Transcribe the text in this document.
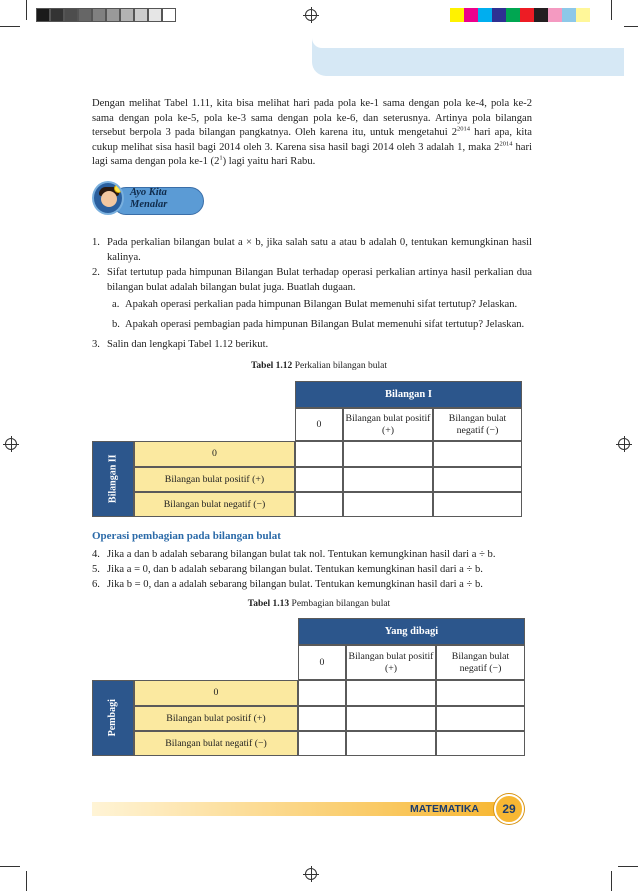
Dengan melihat Tabel 1.11, kita bisa melihat hari pada pola ke-1 sama dengan pola ke-4, pola ke-2 sama dengan pola ke-5, pola ke-3 sama dengan pola ke-6, dan seterusnya. Artinya pola bilangan tersebut berpola 3 pada bilangan pangkatnya. Oleh karena itu, untuk mengetahui $2^{2014}$ hari apa, kita cukup melihat sisa hasil bagi 2014 oleh 3. Karena sisa hasil bagi 2014 oleh 3 adalah 1, maka $2^{2014}$ hari lagi sama dengan pola ke-1 $(2^1)$ lagi yaitu hari Rabu.

Ayo Kita
Menalar
1. Pada perkalian bilangan bulat a × b, jika salah satu a atau b adalah 0, tentukan kemungkinan hasil kalinya.
2. Sifat tertutup pada himpunan Bilangan Bulat terhadap operasi perkalian artinya hasil perkalian dua bilangan bulat adalah bilangan bulat juga. Buatlah dugaan.
a. Apakah operasi perkalian pada himpunan Bilangan Bulat memenuhi sifat tertutup? Jelaskan.
b. Apakah operasi pembagian pada himpunan Bilangan Bulat memenuhi sifat tertutup? Jelaskan.
3. Salin dan lengkapi Tabel 1.12 berikut.
Tabel 1.12 Perkalian bilangan bulat
Bilangan I
0
Bilangan bulat positif (+)
Bilangan bulat negatif (−)
Bilangan II
0
Bilangan bulat positif (+)
Bilangan bulat negatif (−)
Operasi pembagian pada bilangan bulat
4. Jika a dan b adalah sebarang bilangan bulat tak nol. Tentukan kemungkinan hasil dari a ÷ b.
5. Jika a = 0, dan b adalah sebarang bilangan bulat. Tentukan kemungkinan hasil dari a ÷ b.
6. Jika b = 0, dan a adalah sebarang bilangan bulat. Tentukan kemungkinan hasil dari a ÷ b.
Tabel 1.13 Pembagian bilangan bulat
Yang dibagi
0
Bilangan bulat positif (+)
Bilangan bulat negatif (−)
Pembagi
0
Bilangan bulat positif (+)
Bilangan bulat negatif (−)
MATEMATIKA	29
